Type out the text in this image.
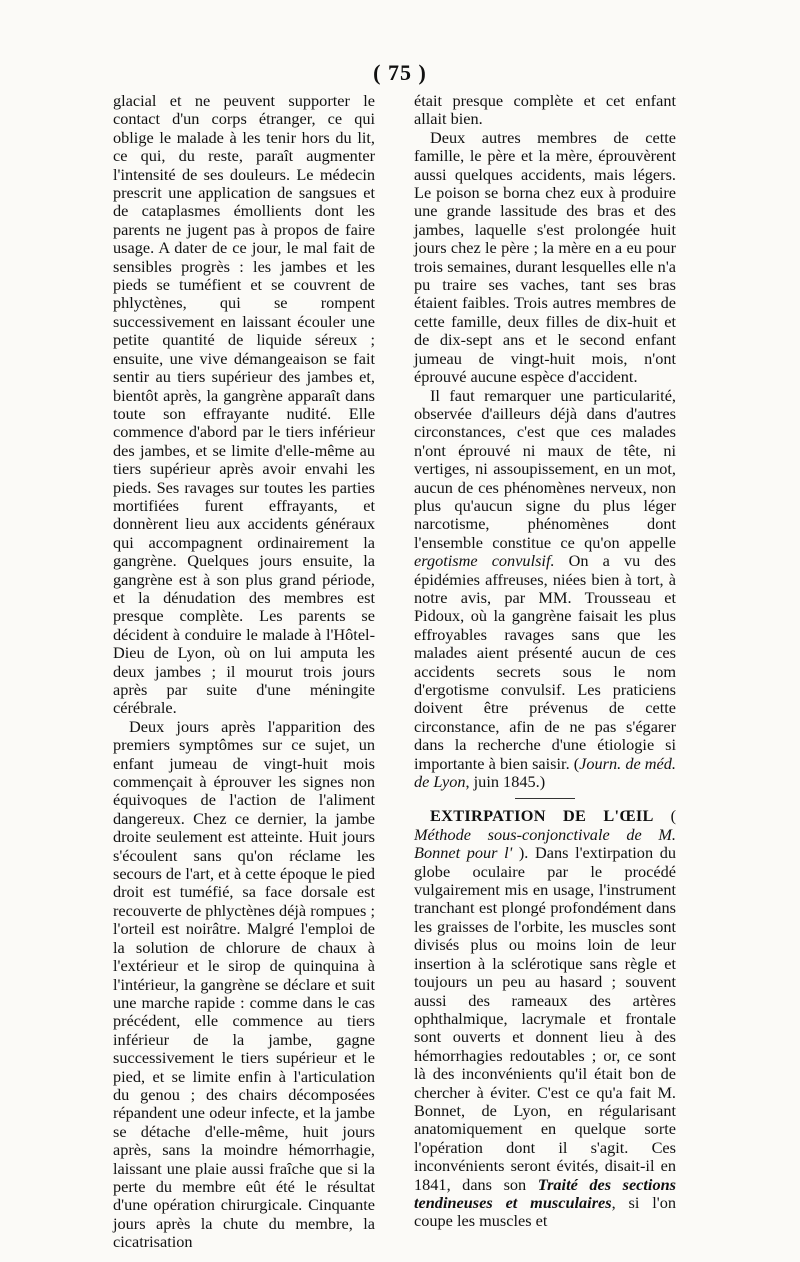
( 75 )

glacial et ne peuvent supporter le contact d'un corps étranger, ce qui oblige le malade à les tenir hors du lit, ce qui, du reste, paraît augmenter l'intensité de ses douleurs. Le médecin prescrit une application de sangsues et de cataplasmes émollients dont les parents ne jugent pas à propos de faire usage. A dater de ce jour, le mal fait de sensibles progrès : les jambes et les pieds se tuméfient et se couvrent de phlyctènes, qui se rompent successivement en laissant écouler une petite quantité de liquide séreux ; ensuite, une vive démangeaison se fait sentir au tiers supérieur des jambes et, bientôt après, la gangrène apparaît dans toute son effrayante nudité. Elle commence d'abord par le tiers inférieur des jambes, et se limite d'elle-même au tiers supérieur après avoir envahi les pieds. Ses ravages sur toutes les parties mortifiées furent effrayants, et donnèrent lieu aux accidents généraux qui accompagnent ordinairement la gangrène. Quelques jours ensuite, la gangrène est à son plus grand période, et la dénudation des membres est presque complète. Les parents se décident à conduire le malade à l'Hôtel-Dieu de Lyon, où on lui amputa les deux jambes ; il mourut trois jours après par suite d'une méningite cérébrale.

Deux jours après l'apparition des premiers symptômes sur ce sujet, un enfant jumeau de vingt-huit mois commençait à éprouver les signes non équivoques de l'action de l'aliment dangereux. Chez ce dernier, la jambe droite seulement est atteinte. Huit jours s'écoulent sans qu'on réclame les secours de l'art, et à cette époque le pied droit est tuméfié, sa face dorsale est recouverte de phlyctènes déjà rompues ; l'orteil est noirâtre. Malgré l'emploi de la solution de chlorure de chaux à l'extérieur et le sirop de quinquina à l'intérieur, la gangrène se déclare et suit une marche rapide : comme dans le cas précédent, elle commence au tiers inférieur de la jambe, gagne successivement le tiers supérieur et le pied, et se limite enfin à l'articulation du genou ; des chairs décomposées répandent une odeur infecte, et la jambe se détache d'elle-même, huit jours après, sans la moindre hémorrhagie, laissant une plaie aussi fraîche que si la perte du membre eût été le résultat d'une opération chirurgicale. Cinquante jours après la chute du membre, la cicatrisation

était presque complète et cet enfant allait bien.

Deux autres membres de cette famille, le père et la mère, éprouvèrent aussi quelques accidents, mais légers. Le poison se borna chez eux à produire une grande lassitude des bras et des jambes, laquelle s'est prolongée huit jours chez le père ; la mère en a eu pour trois semaines, durant lesquelles elle n'a pu traire ses vaches, tant ses bras étaient faibles. Trois autres membres de cette famille, deux filles de dix-huit et de dix-sept ans et le second enfant jumeau de vingt-huit mois, n'ont éprouvé aucune espèce d'accident.

Il faut remarquer une particularité, observée d'ailleurs déjà dans d'autres circonstances, c'est que ces malades n'ont éprouvé ni maux de tête, ni vertiges, ni assoupissement, en un mot, aucun de ces phénomènes nerveux, non plus qu'aucun signe du plus léger narcotisme, phénomènes dont l'ensemble constitue ce qu'on appelle ergotisme convulsif. On a vu des épidémies affreuses, niées bien à tort, à notre avis, par MM. Trousseau et Pidoux, où la gangrène faisait les plus effroyables ravages sans que les malades aient présenté aucun de ces accidents secrets sous le nom d'ergotisme convulsif. Les praticiens doivent être prévenus de cette circonstance, afin de ne pas s'égarer dans la recherche d'une étiologie si importante à bien saisir. (Journ. de méd. de Lyon, juin 1845.)

EXTIRPATION DE L'ŒIL ( Méthode sous-conjonctivale de M. Bonnet pour l' ). Dans l'extirpation du globe oculaire par le procédé vulgairement mis en usage, l'instrument tranchant est plongé profondément dans les graisses de l'orbite, les muscles sont divisés plus ou moins loin de leur insertion à la sclérotique sans règle et toujours un peu au hasard ; souvent aussi des rameaux des artères ophthalmique, lacrymale et frontale sont ouverts et donnent lieu à des hémorrhagies redoutables ; or, ce sont là des inconvénients qu'il était bon de chercher à éviter. C'est ce qu'a fait M. Bonnet, de Lyon, en régularisant anatomiquement en quelque sorte l'opération dont il s'agit. Ces inconvénients seront évités, disait-il en 1841, dans son Traité des sections tendineuses et musculaires, si l'on coupe les muscles et
